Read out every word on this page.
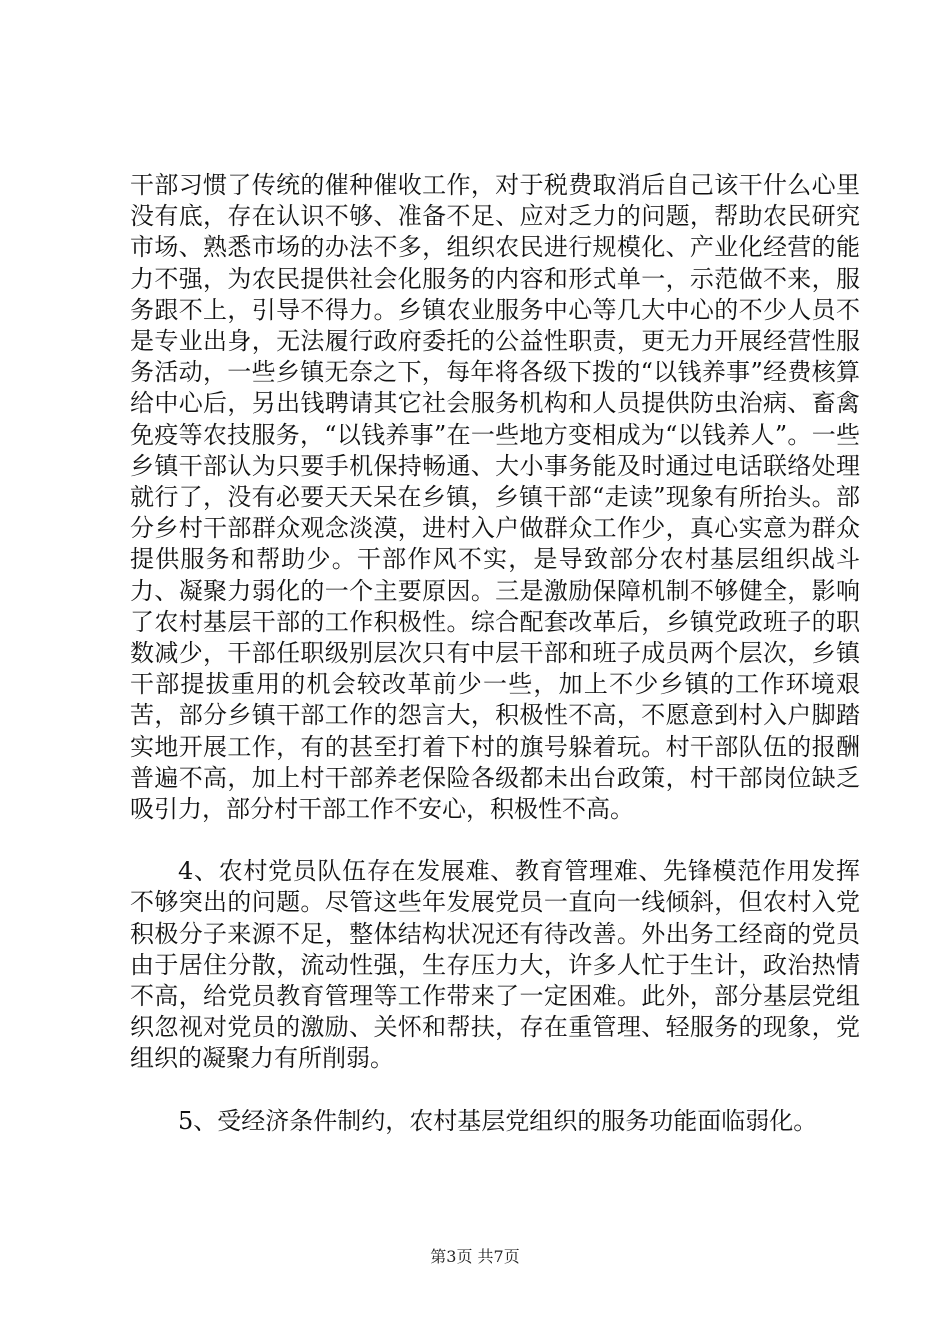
干部习惯了传统的催种催收工作，对于税费取消后自己该干什么心里没有底，存在认识不够、准备不足、应对乏力的问题，帮助农民研究市场、熟悉市场的办法不多，组织农民进行规模化、产业化经营的能力不强，为农民提供社会化服务的内容和形式单一，示范做不来，服务跟不上，引导不得力。乡镇农业服务中心等几大中心的不少人员不是专业出身，无法履行政府委托的公益性职责，更无力开展经营性服务活动，一些乡镇无奈之下，每年将各级下拨的“以钱养事”经费核算给中心后，另出钱聘请其它社会服务机构和人员提供防虫治病、畜禽免疫等农技服务，“以钱养事”在一些地方变相成为“以钱养人”。一些乡镇干部认为只要手机保持畅通、大小事务能及时通过电话联络处理就行了，没有必要天天呆在乡镇，乡镇干部“走读”现象有所抬头。部分乡村干部群众观念淡漠，进村入户做群众工作少，真心实意为群众提供服务和帮助少。干部作风不实，是导致部分农村基层组织战斗力、凝聚力弱化的一个主要原因。三是激励保障机制不够健全，影响了农村基层干部的工作积极性。综合配套改革后，乡镇党政班子的职数减少，干部任职级别层次只有中层干部和班子成员两个层次，乡镇干部提拔重用的机会较改革前少一些，加上不少乡镇的工作环境艰苦，部分乡镇干部工作的怨言大，积极性不高，不愿意到村入户脚踏实地开展工作，有的甚至打着下村的旗号躲着玩。村干部队伍的报酬普遍不高，加上村干部养老保险各级都未出台政策，村干部岗位缺乏吸引力，部分村干部工作不安心，积极性不高。

4、农村党员队伍存在发展难、教育管理难、先锋模范作用发挥不够突出的问题。尽管这些年发展党员一直向一线倾斜，但农村入党积极分子来源不足，整体结构状况还有待改善。外出务工经商的党员由于居住分散，流动性强，生存压力大，许多人忙于生计，政治热情不高，给党员教育管理等工作带来了一定困难。此外，部分基层党组织忽视对党员的激励、关怀和帮扶，存在重管理、轻服务的现象，党组织的凝聚力有所削弱。

5、受经济条件制约，农村基层党组织的服务功能面临弱化。

第3页 共7页
